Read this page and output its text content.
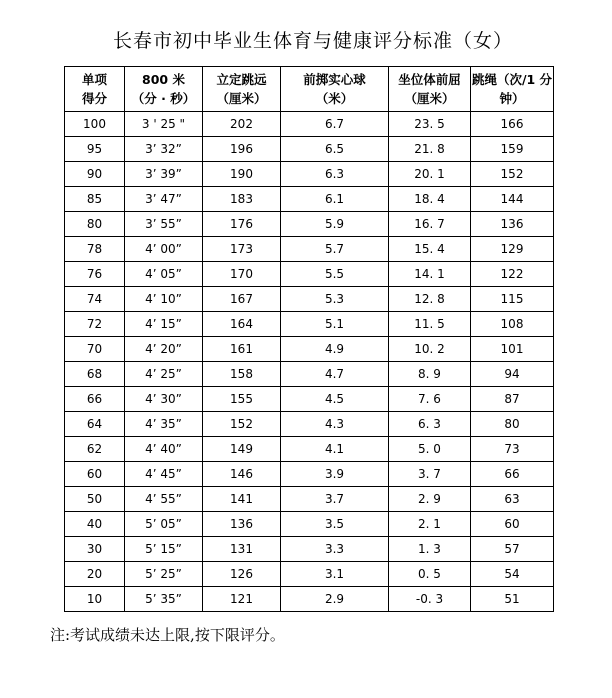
长春市初中毕业生体育与健康评分标准（女）
单项
得分	800 米
（分 · 秒）	立定跳远
（厘米）	前掷实心球
（米）	坐位体前屈
（厘米）	跳绳（次/1 分
钟）
100	3 ' 25 "	202	6.7	23. 5	166
95	3’ 32”	196	6.5	21. 8	159
90	3’ 39”	190	6.3	20. 1	152
85	3’ 47”	183	6.1	18. 4	144
80	3’ 55”	176	5.9	16. 7	136
78	4’ 00”	173	5.7	15. 4	129
76	4’ 05”	170	5.5	14. 1	122
74	4’ 10”	167	5.3	12. 8	115
72	4’ 15”	164	5.1	11. 5	108
70	4’ 20”	161	4.9	10. 2	101
68	4’ 25”	158	4.7	8. 9	94
66	4’ 30”	155	4.5	7. 6	87
64	4’ 35”	152	4.3	6. 3	80
62	4’ 40”	149	4.1	5. 0	73
60	4’ 45”	146	3.9	3. 7	66
50	4’ 55”	141	3.7	2. 9	63
40	5’ 05”	136	3.5	2. 1	60
30	5’ 15”	131	3.3	1. 3	57
20	5’ 25”	126	3.1	0. 5	54
10	5’ 35”	121	2.9	-0. 3	51
注:考试成绩未达上限,按下限评分。
